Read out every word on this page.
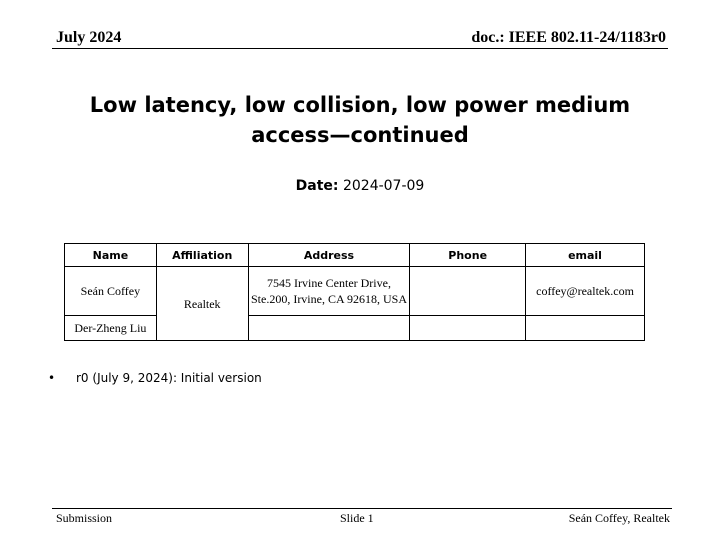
July 2024	doc.: IEEE 802.11-24/1183r0
Low latency, low collision, low power medium access—continued
Date: 2024-07-09
Name	Affiliation	Address	Phone	email
Seán Coffey	Realtek	7545 Irvine Center Drive, Ste.200, Irvine, CA 92618, USA		coffey@realtek.com
Der-Zheng Liu				
• r0 (July 9, 2024): Initial version
Submission	Slide 1	Seán Coffey, Realtek
